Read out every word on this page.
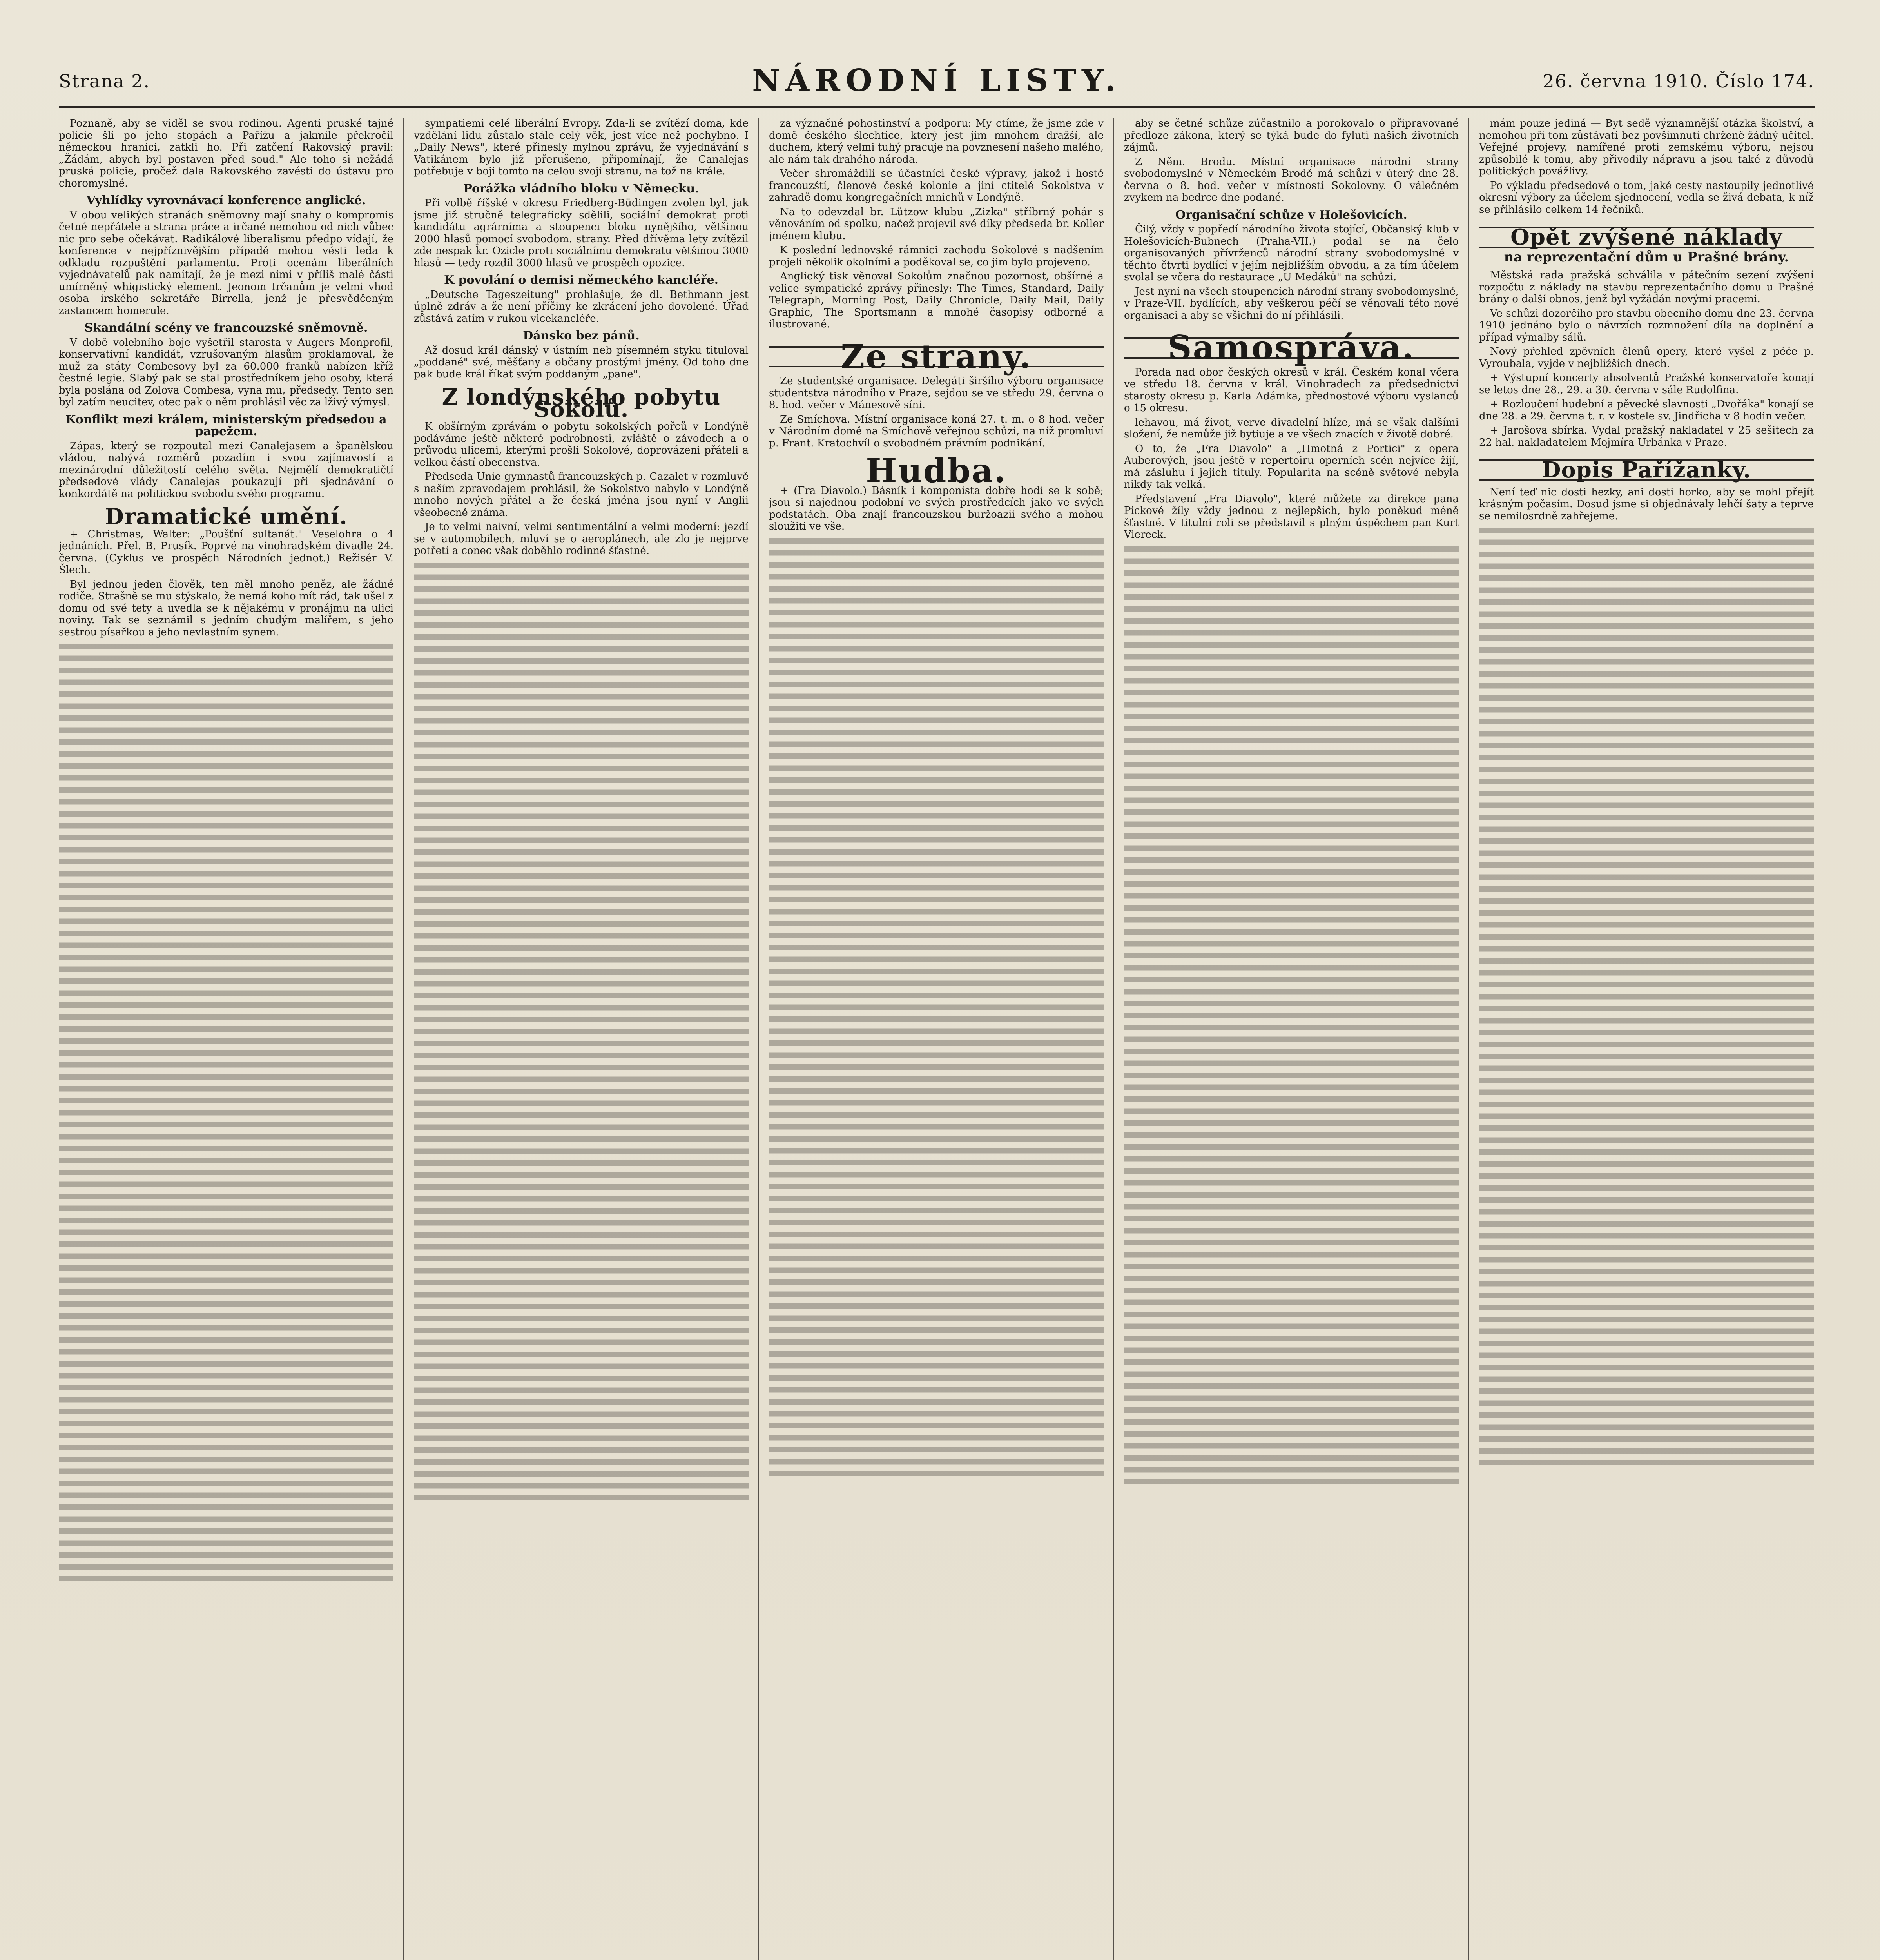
Strana 2.	NÁRODNÍ LISTY.	26. června 1910. Číslo 174.

Poznaně, aby se viděl se svou rodinou. Agenti pruské tajné policie šli po jeho stopách a Pařížu a jakmile překročil německou hranici, zatkli ho. Při zatčení Rakovský pravil: „Žádám, abych byl postaven před soud." Ale toho si nežádá pruská policie, pročež dala Rakovského zavésti do ústavu pro choromyslné.

Vyhlídky vyrovnávací konference anglické.

V obou velikých stranách sněmovny mají snahy o kompromis četné nepřátele a strana práce a irčané nemohou od nich vůbec nic pro sebe očekávat. Radikálové liberalismu předpo vídají, že konference v nejpříznivějším případě mohou vésti leda k odkladu rozpuštění parlamentu. Proti ocenám liberálních vyjednávatelů pak namítají, že je mezi nimi v příliš malé části umírněný whigistický element. Jeonom Irčanům je velmi vhod osoba irského sekretáře Birrella, jenž je přesvědčeným zastancem homerule.

Skandální scény ve francouzské sněmovně.

V době volebního boje vyšetřil starosta v Augers Monprofil, konservativní kandidát, vzrušovaným hlasům proklamoval, že muž za státy Combesovy byl za 60.000 franků nabízen kříž čestné legie. Slabý pak se stal prostředníkem jeho osoby, která byla poslána od Zolova Combesa, vyna mu, předsedy. Tento sen byl zatím neucitev, otec pak o něm prohlásil věc za lživý výmysl.

Konflikt mezi králem, ministerským předsedou a papežem.

Zápas, který se rozpoutal mezi Canalejasem a španělskou vládou, nabývá rozměrů pozadím i svou zajímavostí a mezinárodní důležitostí celého světa. Nejmělí demokratičtí předsedové vlády Canalejas poukazují při sjednávání o konkordátě na politickou svobodu svého programu.

Dramatické umění.

+ Christmas, Walter: „Poušťní sultanát." Veselohra o 4 jednáních. Přel. B. Prusík. Poprvé na vinohradském divadle 24. června. (Cyklus ve prospěch Národních jednot.) Režisér V. Šlech.

Byl jednou jeden člověk, ten měl mnoho peněz, ale žádné rodiče. Strašně se mu stýskalo, že nemá koho mít rád, tak ušel z domu od své tety a uvedla se k nějakému v pronájmu na ulici noviny. Tak se seznámil s jedním chudým malířem, s jeho sestrou písařkou a jeho nevlastním synem.

sympatiemi celé liberální Evropy. Zda-li se zvítězí doma, kde vzdělání lidu zůstalo stále celý věk, jest více než pochybno. I „Daily News", které přinesly mylnou zprávu, že vyjednávání s Vatikánem bylo již přerušeno, připomínají, že Canalejas potřebuje v boji tomto na celou svoji stranu, na tož na krále.

Porážka vládního bloku v Německu.

Při volbě říšské v okresu Friedberg-Büdingen zvolen byl, jak jsme již stručně telegraficky sdělili, sociální demokrat proti kandidátu agrárníma a stoupenci bloku nynějšího, většinou 2000 hlasů pomocí svobodom. strany. Před dřívěma lety zvítězil zde nespak kr. Ozicle proti sociálnímu demokratu většinou 3000 hlasů — tedy rozdíl 3000 hlasů ve prospěch opozice.

K povolání o demisi německého kancléře.

„Deutsche Tageszeitung" prohlašuje, že dl. Bethmann jest úplně zdráv a že není příčiny ke zkrácení jeho dovolené. Úřad zůstává zatím v rukou vicekancléře.

Dánsko bez pánů.

Až dosud král dánský v ústním neb písemném styku tituloval „poddané" své, měšťany a občany prostými jmény. Od toho dne pak bude král říkat svým poddaným „pane".

Z londýnského pobytu Sokolů.

K obšírným zprávám o pobytu sokolských pořců v Londýně podáváme ještě některé podrobnosti, zvláště o závodech a o průvodu ulicemi, kterými prošli Sokolové, doprovázeni přáteli a velkou částí obecenstva.

Předseda Unie gymnastů francouzských p. Cazalet v rozmluvě s naším zpravodajem prohlásil, že Sokolstvo nabylo v Londýně mnoho nových přátel a že česká jména jsou nyní v Anglii všeobecně známa.

Je to velmi naivní, velmi sentimentální a velmi moderní: jezdí se v automobilech, mluví se o aeroplánech, ale zlo je nejprve potřetí a conec však doběhlo rodinné šťastné.

za význačné pohostinství a podporu: My ctíme, že jsme zde v domě českého šlechtice, který jest jim mnohem dražší, ale duchem, který velmi tuhý pracuje na povznesení našeho malého, ale nám tak drahého národa.

Večer shromáždili se účastníci české výpravy, jakož i hosté francouzští, členové české kolonie a jiní ctitelé Sokolstva v zahradě domu kongregačních mnichů v Londýně.

Na to odevzdal br. Lützow klubu „Zizka" stříbrný pohár s věnováním od spolku, načež projevil své díky předseda br. Koller jménem klubu.

K poslední lednovské rámnici zachodu Sokolové s nadšením projeli několik okolními a poděkoval se, co jim bylo projeveno.

Anglický tisk věnoval Sokolům značnou pozornost, obšírné a velice sympatické zprávy přinesly: The Times, Standard, Daily Telegraph, Morning Post, Daily Chronicle, Daily Mail, Daily Graphic, The Sportsmann a mnohé časopisy odborné a ilustrované.

Ze strany.

Ze studentské organisace. Delegáti širšího výboru organisace studentstva národního v Praze, sejdou se ve středu 29. června o 8. hod. večer v Mánesově síni.

Ze Smíchova. Místní organisace koná 27. t. m. o 8 hod. večer v Národním domě na Smíchově veřejnou schůzi, na níž promluví p. Frant. Kratochvíl o svobodném právním podnikání.

Hudba.

+ (Fra Diavolo.) Básník i komponista dobře hodí se k sobě; jsou si najednou podobní ve svých prostředcích jako ve svých podstatách. Oba znají francouzskou buržoazii svého a mohou sloužiti ve vše.

aby se četné schůze zúčastnilo a porokovalo o připravované předloze zákona, který se týká bude do fyluti našich životních zájmů.

Z Něm. Brodu. Místní organisace národní strany svobodomyslné v Německém Brodě má schůzi v úterý dne 28. června o 8. hod. večer v místnosti Sokolovny. O válečném zvykem na bedrce dne podané.

Organisační schůze v Holešovicích.

Čilý, vždy v popředí národního života stojící, Občanský klub v Holešovicích-Bubnech (Praha-VII.) podal se na čelo organisovaných přívrženců národní strany svobodomyslné v těchto čtvrti bydlící v jejím nejbližším obvodu, a za tím účelem svolal se včera do restaurace „U Medáků" na schůzi.

Jest nyní na všech stoupencích národní strany svobodomyslné, v Praze-VII. bydlících, aby veškerou péčí se věnovali této nové organisaci a aby se všichni do ní přihlásili.

Samospráva.

Porada nad obor českých okresů v král. Českém konal včera ve středu 18. června v král. Vinohradech za předsednictví starosty okresu p. Karla Adámka, přednostové výboru vyslanců o 15 okresu.

lehavou, má život, verve divadelní hlíze, má se však dalšími složení, že nemůže již bytiuje a ve všech znacích v životě dobré.

O to, že „Fra Diavolo" a „Hmotná z Portici" z opera Auberových, jsou ještě v repertoiru operních scén nejvíce žijí, má zásluhu i jejich tituly. Popularita na scéně světové nebyla nikdy tak velká.

Představení „Fra Diavolo", které můžete za direkce pana Pickové žíly vždy jednou z nejlepších, bylo poněkud méně šťastné. V titulní roli se představil s plným úspěchem pan Kurt Viereck.

mám pouze jediná — Byt sedě významnější otázka školství, a nemohou při tom zůstávati bez povšimnutí chrženě žádný učitel. Veřejné projevy, namířené proti zemskému výboru, nejsou způsobilé k tomu, aby přivodily nápravu a jsou také z důvodů politických povážlivy.

Po výkladu předsedově o tom, jaké cesty nastoupily jednotlivé okresní výbory za účelem sjednocení, vedla se živá debata, k níž se přihlásilo celkem 14 řečníků.

Opět zvýšené náklady
na reprezentační dům u Prašné brány.

Městská rada pražská schválila v pátečním sezení zvýšení rozpočtu z náklady na stavbu reprezentačního domu u Prašné brány o další obnos, jenž byl vyžádán novými pracemi.

Ve schůzi dozorčího pro stavbu obecního domu dne 23. června 1910 jednáno bylo o návrzích rozmnožení díla na doplnění a případ výmalby sálů.

Nový přehled zpěvních členů opery, které vyšel z péče p. Vyroubala, vyjde v nejbližších dnech.

+ Výstupní koncerty absolventů Pražské konservatoře konají se letos dne 28., 29. a 30. června v sále Rudolfina.

+ Rozloučení hudební a pěvecké slavnosti „Dvořáka" konají se dne 28. a 29. června t. r. v kostele sv. Jindřicha v 8 hodin večer.

+ Jarošova sbírka. Vydal pražský nakladatel v 25 sešitech za 22 hal. nakladatelem Mojmíra Urbánka v Praze.

Dopis Pařížanky.

Není teď nic dosti hezky, ani dosti horko, aby se mohl přejít krásným počasím. Dosud jsme si objednávaly lehčí šaty a teprve se nemilosrdně zahřejeme.
